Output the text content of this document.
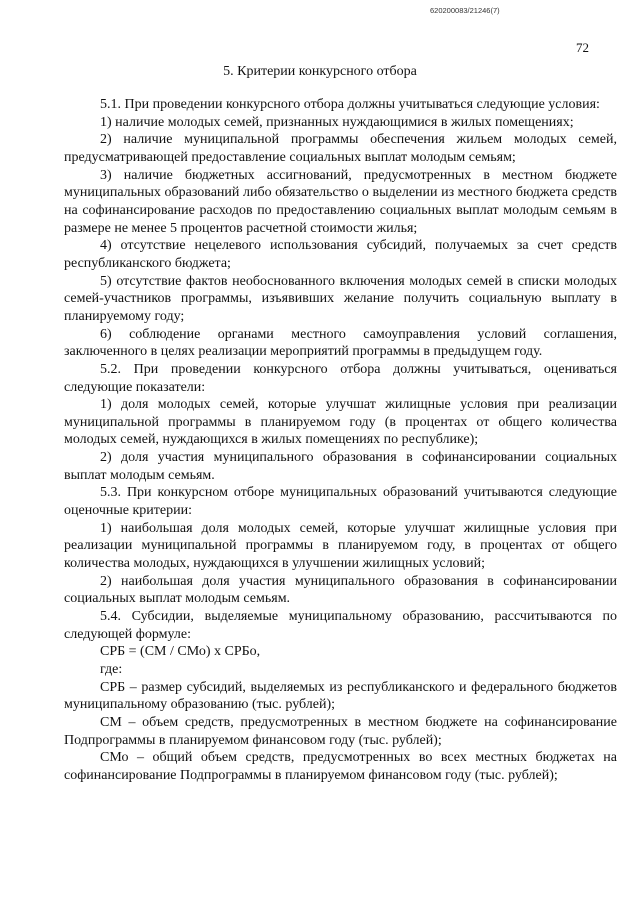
620200083/21246(7)
72
5. Критерии конкурсного отбора

5.1. При проведении конкурсного отбора должны учитываться следующие условия:

1) наличие молодых семей, признанных нуждающимися в жилых помещениях;

2) наличие муниципальной программы обеспечения жильем молодых семей, предусматривающей предоставление социальных выплат молодым семьям;

3) наличие бюджетных ассигнований, предусмотренных в местном бюджете муниципальных образований либо обязательство о выделении из местного бюджета средств на софинансирование расходов по предоставлению социальных выплат молодым семьям в размере не менее 5 процентов расчетной стоимости жилья;

4) отсутствие нецелевого использования субсидий, получаемых за счет средств республиканского бюджета;

5) отсутствие фактов необоснованного включения молодых семей в списки молодых семей-участников программы, изъявивших желание получить социальную выплату в планируемому году;

6) соблюдение органами местного самоуправления условий соглашения, заключенного в целях реализации мероприятий программы в предыдущем году.

5.2. При проведении конкурсного отбора должны учитываться, оцениваться следующие показатели:

1) доля молодых семей, которые улучшат жилищные условия при реализации муниципальной программы в планируемом году (в процентах от общего количества молодых семей, нуждающихся в жилых помещениях по республике);

2) доля участия муниципального образования в софинансировании социальных выплат молодым семьям.

5.3. При конкурсном отборе муниципальных образований учитываются следующие оценочные критерии:

1) наибольшая доля молодых семей, которые улучшат жилищные условия при реализации муниципальной программы в планируемом году, в процентах от общего количества молодых, нуждающихся в улучшении жилищных условий;

2) наибольшая доля участия муниципального образования в софинансировании социальных выплат молодым семьям.

5.4. Субсидии, выделяемые муниципальному образованию, рассчитываются по следующей формуле:

СРБ = (СМ / СМо) х СРБо,

где:

СРБ – размер субсидий, выделяемых из республиканского и федерального бюджетов муниципальному образованию (тыс. рублей);

СМ – объем средств, предусмотренных в местном бюджете на софинансирование Подпрограммы в планируемом финансовом году (тыс. рублей);

СМо – общий объем средств, предусмотренных во всех местных бюджетах на софинансирование Подпрограммы в планируемом финансовом году (тыс. рублей);
